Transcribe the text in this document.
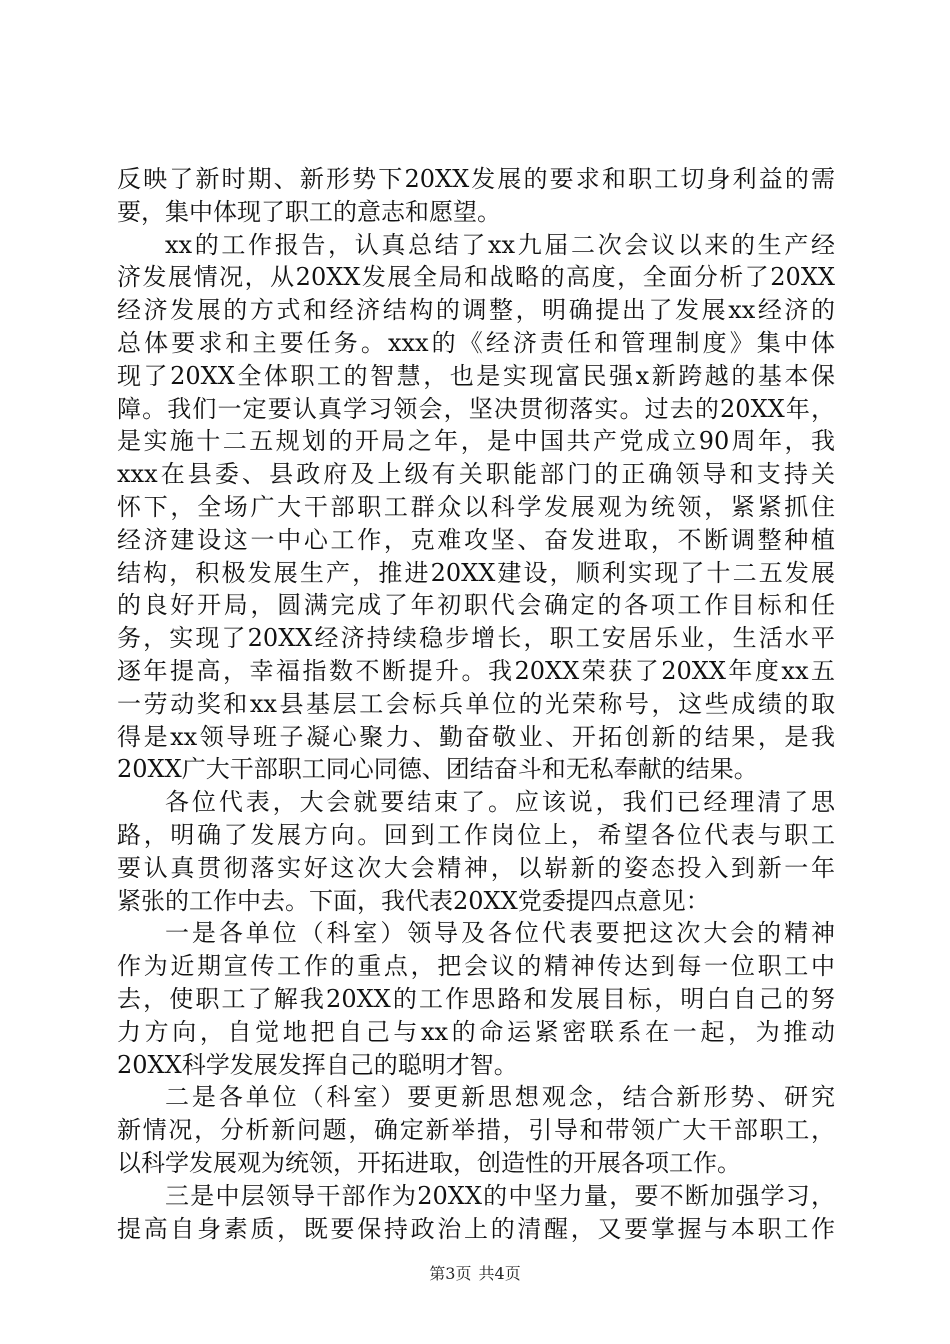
反映了新时期、新形势下20XX发展的要求和职工切身利益的需
要，集中体现了职工的意志和愿望。
xx的工作报告，认真总结了xx九届二次会议以来的生产经
济发展情况，从20XX发展全局和战略的高度，全面分析了20XX
经济发展的方式和经济结构的调整，明确提出了发展xx经济的
总体要求和主要任务。xxx的《经济责任和管理制度》集中体
现了20XX全体职工的智慧，也是实现富民强x新跨越的基本保
障。我们一定要认真学习领会，坚决贯彻落实。过去的20XX年，
是实施十二五规划的开局之年，是中国共产党成立90周年，我
xxx在县委、县政府及上级有关职能部门的正确领导和支持关
怀下，全场广大干部职工群众以科学发展观为统领，紧紧抓住
经济建设这一中心工作，克难攻坚、奋发进取，不断调整种植
结构，积极发展生产，推进20XX建设，顺利实现了十二五发展
的良好开局，圆满完成了年初职代会确定的各项工作目标和任
务，实现了20XX经济持续稳步增长，职工安居乐业，生活水平
逐年提高，幸福指数不断提升。我20XX荣获了20XX年度xx五
一劳动奖和xx县基层工会标兵单位的光荣称号，这些成绩的取
得是xx领导班子凝心聚力、勤奋敬业、开拓创新的结果，是我
20XX广大干部职工同心同德、团结奋斗和无私奉献的结果。
各位代表，大会就要结束了。应该说，我们已经理清了思
路，明确了发展方向。回到工作岗位上，希望各位代表与职工
要认真贯彻落实好这次大会精神，以崭新的姿态投入到新一年
紧张的工作中去。下面，我代表20XX党委提四点意见：
一是各单位（科室）领导及各位代表要把这次大会的精神
作为近期宣传工作的重点，把会议的精神传达到每一位职工中
去，使职工了解我20XX的工作思路和发展目标，明白自己的努
力方向，自觉地把自己与xx的命运紧密联系在一起，为推动
20XX科学发展发挥自己的聪明才智。
二是各单位（科室）要更新思想观念，结合新形势、研究
新情况，分析新问题，确定新举措，引导和带领广大干部职工，
以科学发展观为统领，开拓进取，创造性的开展各项工作。
三是中层领导干部作为20XX的中坚力量，要不断加强学习，
提高自身素质，既要保持政治上的清醒，又要掌握与本职工作
第3页 共4页
